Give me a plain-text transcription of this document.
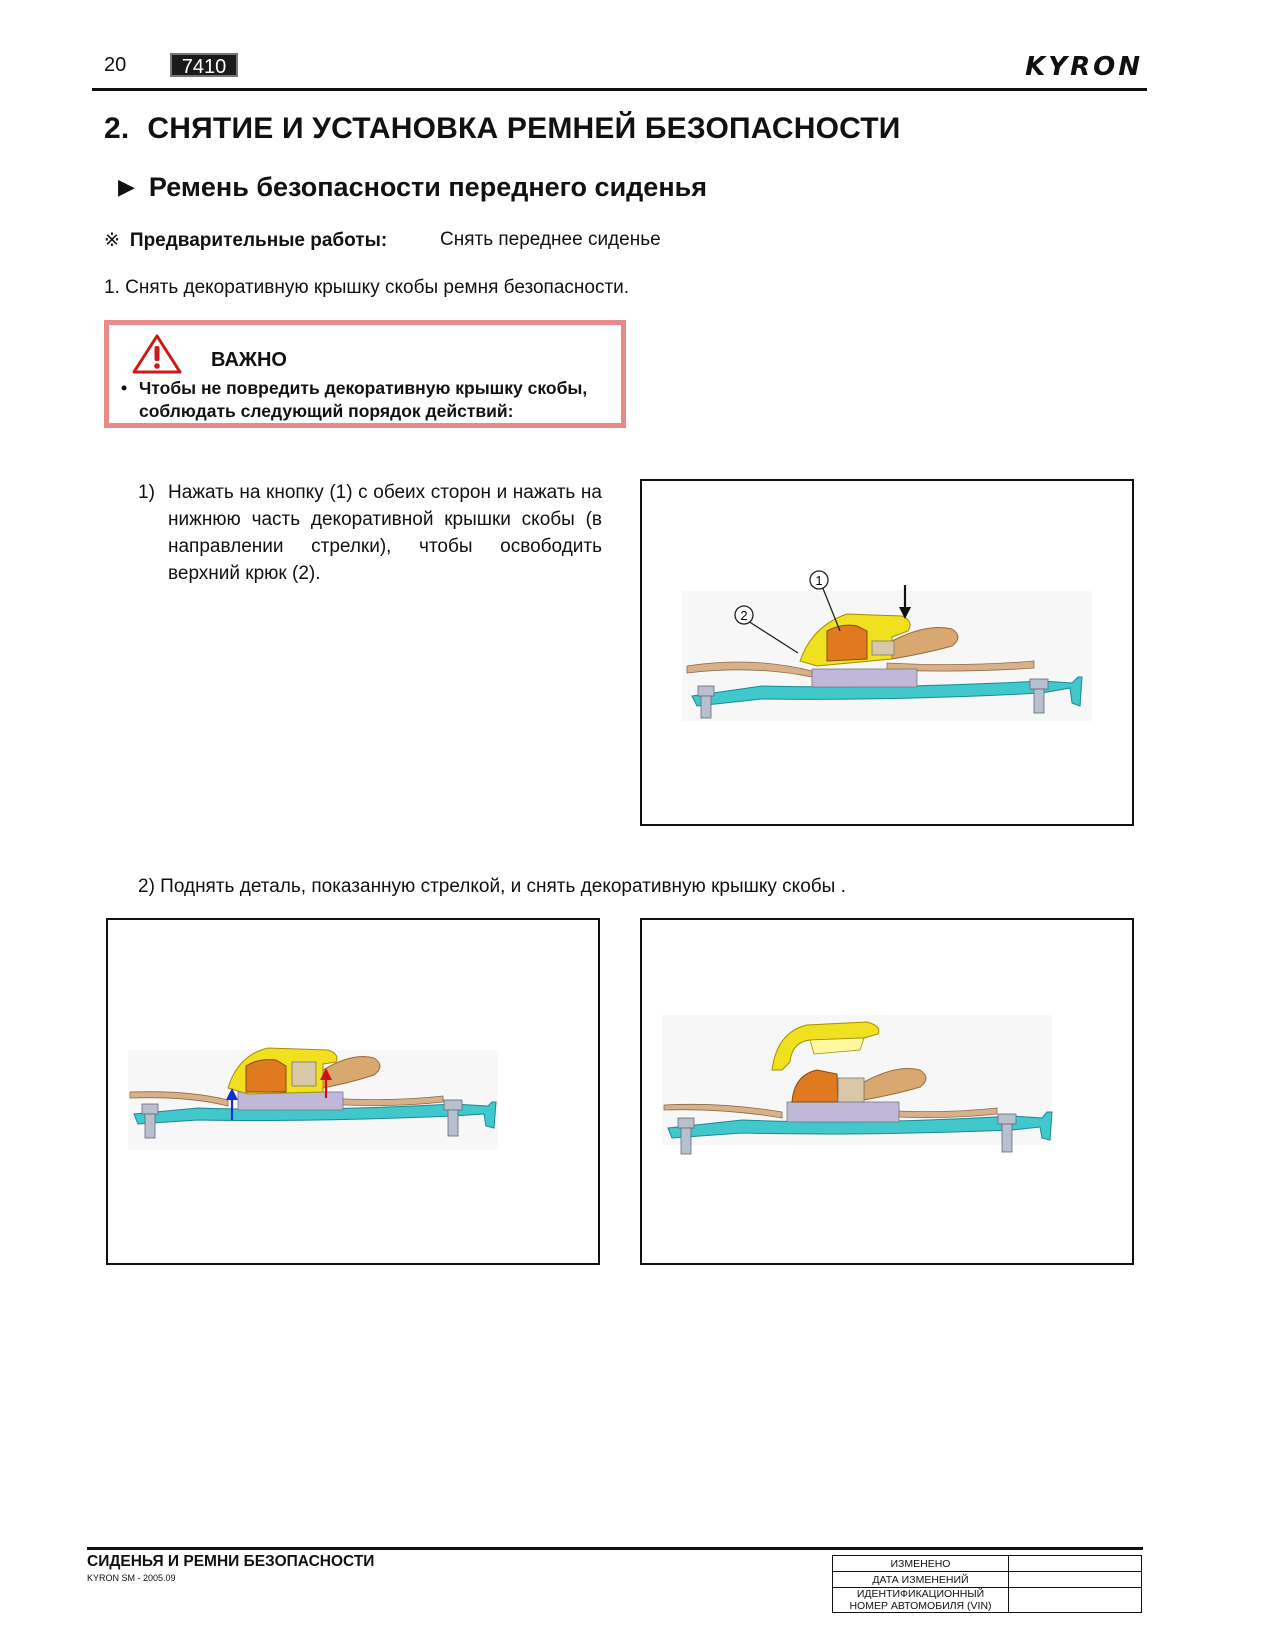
20	7410	KYRON
2. СНЯТИЕ И УСТАНОВКА РЕМНЕЙ БЕЗОПАСНОСТИ
▶ Ремень безопасности переднего сиденья
※ Предварительные работы:	Снять переднее сиденье
1. Снять декоративную крышку скобы ремня безопасности.
ВАЖНО
• Чтобы не повредить декоративную крышку скобы, соблюдать следующий порядок действий:
1) Нажать на кнопку (1) с обеих сторон и нажать на нижнюю часть декоративной крышки скобы (в направлении стрелки), чтобы освободить верхний крюк (2).	1
2
2) Поднять деталь, показанную стрелкой, и снять декоративную крышку скобы .
СИДЕНЬЯ И РЕМНИ БЕЗОПАСНОСТИ
KYRON SM - 2005.09
ИЗМЕНЕНО	
ДАТА ИЗМЕНЕНИЙ	
ИДЕНТИФИКАЦИОННЫЙ
НОМЕР АВТОМОБИЛЯ (VIN)	
